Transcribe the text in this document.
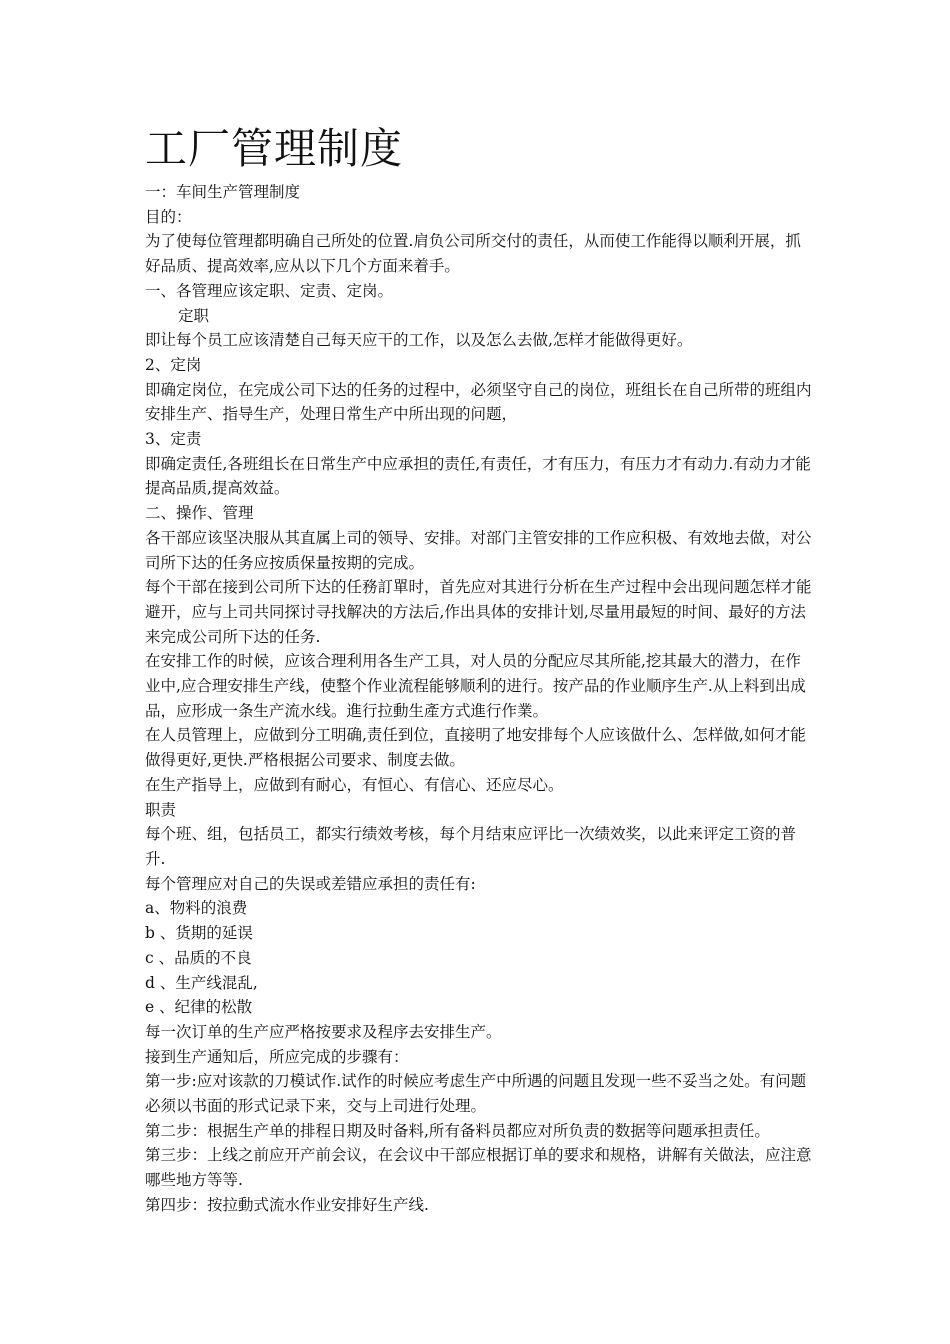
工厂管理制度

一：车间生产管理制度

目的：

为了使每位管理都明确自己所处的位置.肩负公司所交付的责任，从而使工作能得以顺利开展，抓好品质、提高效率,应从以下几个方面来着手。

一、各管理应该定职、定责、定岗。

定职

即让每个员工应该清楚自己每天应干的工作，以及怎么去做,怎样才能做得更好。

2、定岗

即确定岗位，在完成公司下达的任务的过程中，必须坚守自己的岗位，班组长在自己所带的班组内安排生产、指导生产，处理日常生产中所出现的问题，

3、定责

即确定责任,各班组长在日常生产中应承担的责任,有责任，才有压力，有压力才有动力.有动力才能提高品质,提高效益。

二、操作、管理

各干部应该坚决服从其直属上司的领导、安排。对部门主管安排的工作应积极、有效地去做，对公司所下达的任务应按质保量按期的完成。

每个干部在接到公司所下达的任務訂單时，首先应对其进行分析在生产过程中会出现问题怎样才能避开，应与上司共同探讨寻找解决的方法后,作出具体的安排计划,尽量用最短的时间、最好的方法来完成公司所下达的任务.

在安排工作的时候，应该合理利用各生产工具，对人员的分配应尽其所能,挖其最大的潜力，在作业中,应合理安排生产线，使整个作业流程能够顺利的进行。按产品的作业顺序生产.从上料到出成品，应形成一条生产流水线。進行拉動生產方式進行作業。

在人员管理上，应做到分工明确,责任到位，直接明了地安排每个人应该做什么、怎样做,如何才能做得更好,更快.严格根据公司要求、制度去做。

在生产指导上，应做到有耐心，有恒心、有信心、还应尽心。

职责

每个班、组，包括员工，都实行绩效考核，每个月结束应评比一次绩效奖，以此来评定工资的普升.

每个管理应对自己的失误或差错应承担的责任有:

a、物料的浪费

b 、货期的延误

c 、品质的不良

d 、生产线混乱,

e 、纪律的松散

每一次订单的生产应严格按要求及程序去安排生产。

接到生产通知后，所应完成的步骤有：

第一步:应对该款的刀模试作.试作的时候应考虑生产中所遇的问题且发现一些不妥当之处。有问题必须以书面的形式记录下来，交与上司进行处理。

第二步：根据生产单的排程日期及时备料,所有备料员都应对所负责的数据等问题承担责任。

第三步：上线之前应开产前会议，在会议中干部应根据订单的要求和规格，讲解有关做法，应注意哪些地方等等.

第四步：按拉動式流水作业安排好生产线.
